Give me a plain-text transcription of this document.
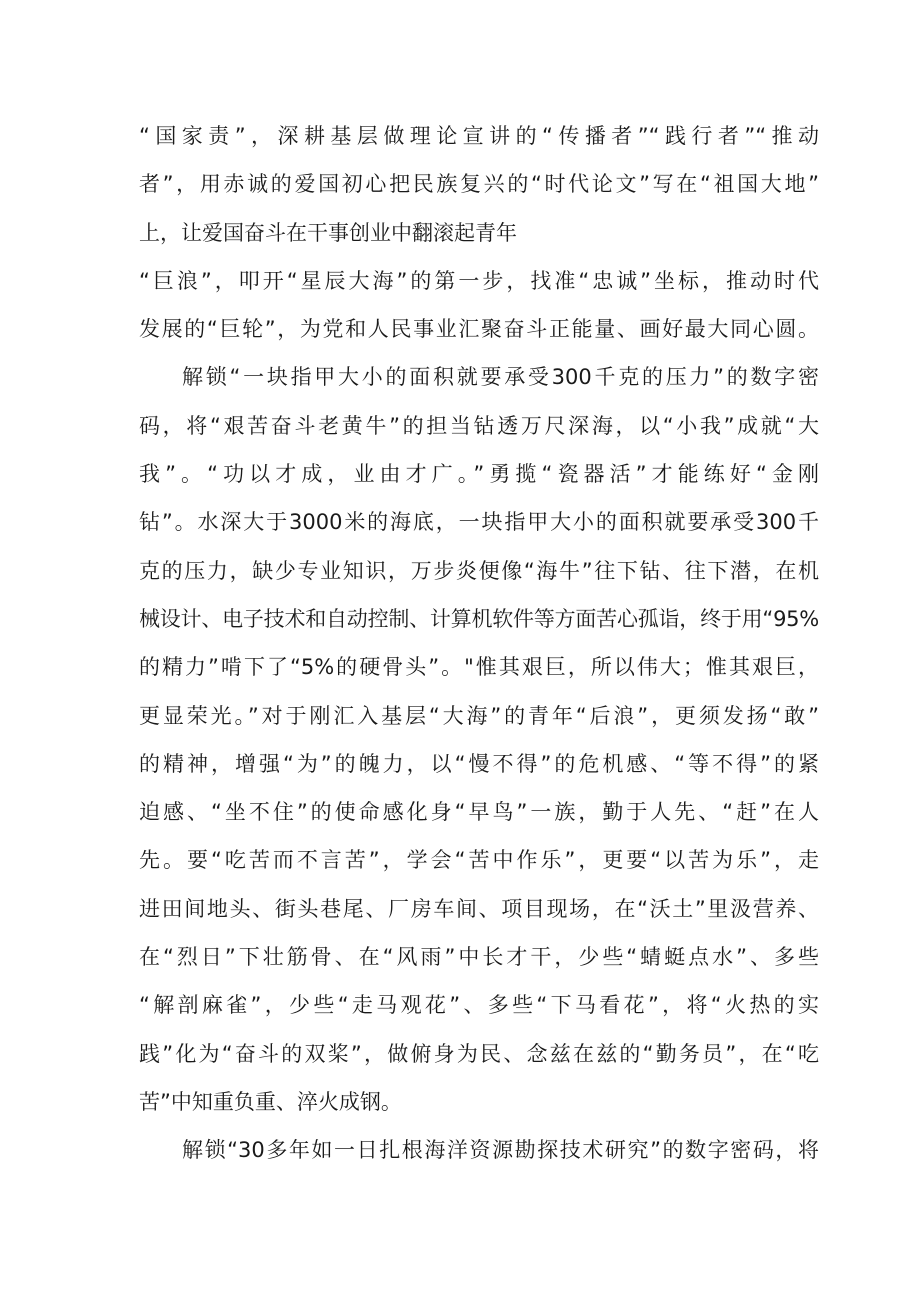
“国家责”，深耕基层做理论宣讲的“传播者”“践行者”“推动
者”，用赤诚的爱国初心把民族复兴的“时代论文”写在“祖国大地”
上，让爱国奋斗在干事创业中翻滚起青年
“巨浪”，叩开“星辰大海”的第一步，找准“忠诚”坐标，推动时代
发展的“巨轮”，为党和人民事业汇聚奋斗正能量、画好最大同心圆。
解锁“一块指甲大小的面积就要承受300千克的压力”的数字密
码，将“艰苦奋斗老黄牛”的担当钻透万尺深海，以“小我”成就“大
我”。“功以才成，业由才广。”勇揽“瓷器活”才能练好“金刚
钻”。水深大于3000米的海底，一块指甲大小的面积就要承受300千
克的压力，缺少专业知识，万步炎便像“海牛”往下钻、往下潜，在机
械设计、电子技术和自动控制、计算机软件等方面苦心孤诣，终于用“95%
的精力”啃下了“5%的硬骨头”。"惟其艰巨，所以伟大；惟其艰巨，
更显荣光。”对于刚汇入基层“大海”的青年“后浪”，更须发扬“敢”
的精神，增强“为”的魄力，以“慢不得”的危机感、“等不得”的紧
迫感、“坐不住”的使命感化身“早鸟”一族，勤于人先、“赶”在人
先。要“吃苦而不言苦”，学会“苦中作乐”，更要“以苦为乐”，走
进田间地头、街头巷尾、厂房车间、项目现场，在“沃土”里汲营养、
在“烈日”下壮筋骨、在“风雨”中长才干，少些“蜻蜓点水”、多些
“解剖麻雀”，少些“走马观花”、多些“下马看花”，将“火热的实
践”化为“奋斗的双桨”，做俯身为民、念兹在兹的“勤务员”，在“吃
苦”中知重负重、淬火成钢。
解锁“30多年如一日扎根海洋资源勘探技术研究”的数字密码，将
